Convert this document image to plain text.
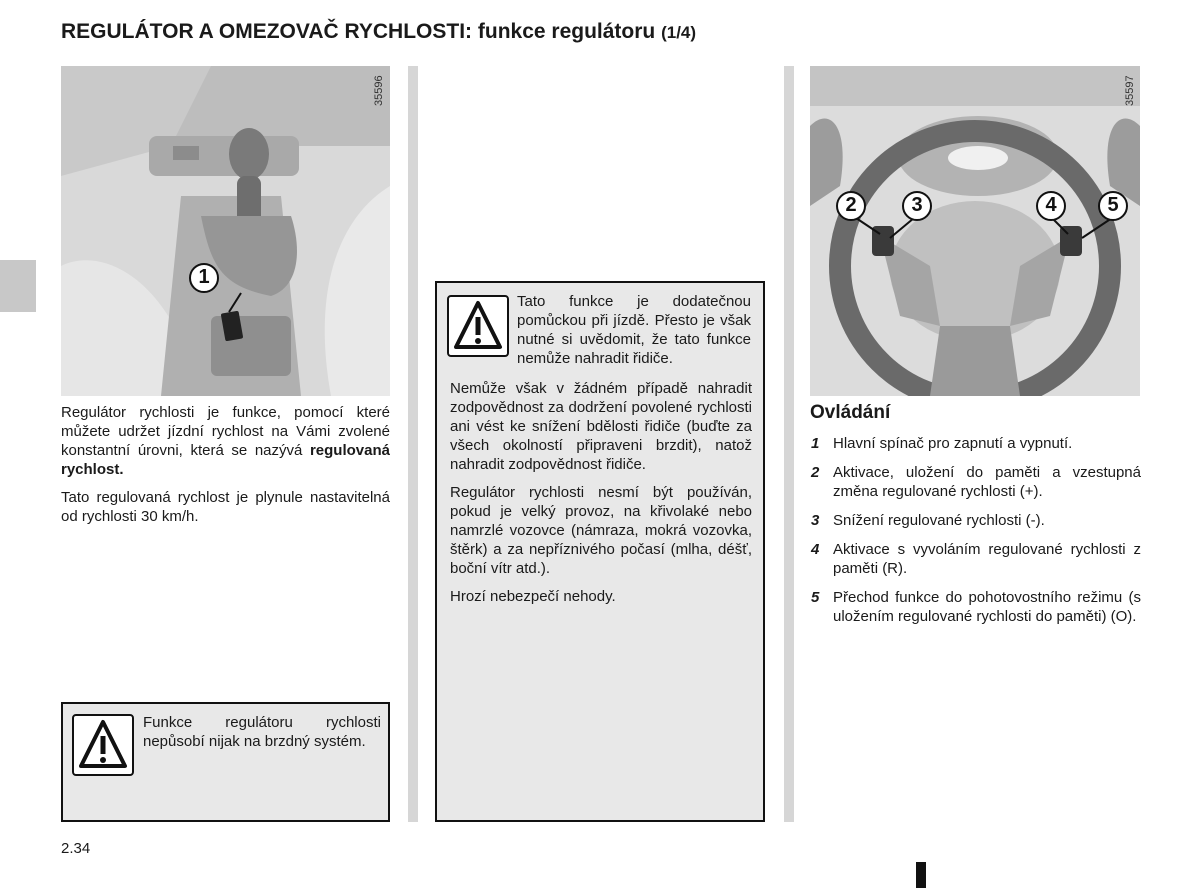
REGULÁTOR A OMEZOVAČ RYCHLOSTI: funkce regulátoru (1/4)
35596
1
35597
2	3	4	5

Regulátor rychlosti je funkce, pomocí které můžete udržet jízdní rychlost na Vámi zvolené konstantní úrovni, která se nazývá regulovaná rychlost.

Tato regulovaná rychlost je plynule nastavitelná od rychlosti 30 km/h.

Funkce regulátoru rychlosti nepůsobí nijak na brzdný systém.
Tato funkce je dodatečnou pomůckou při jízdě. Přesto je však nutné si uvědomit, že tato funkce nemůže nahradit řidiče.

Nemůže však v žádném případě nahradit zodpovědnost za dodržení povolené rychlosti ani vést ke snížení bdělosti řidiče (buďte za všech okolností připraveni brzdit), natož nahradit zodpovědnost řidiče.

Regulátor rychlosti nesmí být používán, pokud je velký provoz, na křivolaké nebo namrzlé vozovce (námraza, mokrá vozovka, štěrk) a za nepříznivého počasí (mlha, déšť, boční vítr atd.).

Hrozí nebezpečí nehody.

Ovládání
1 Hlavní spínač pro zapnutí a vypnutí.
2 Aktivace, uložení do paměti a vzestupná změna regulované rychlosti (+).
3 Snížení regulované rychlosti (-).
4 Aktivace s vyvoláním regulované rychlosti z paměti (R).
5 Přechod funkce do pohotovostního režimu (s uložením regulované rychlosti do paměti) (O).
2.34
